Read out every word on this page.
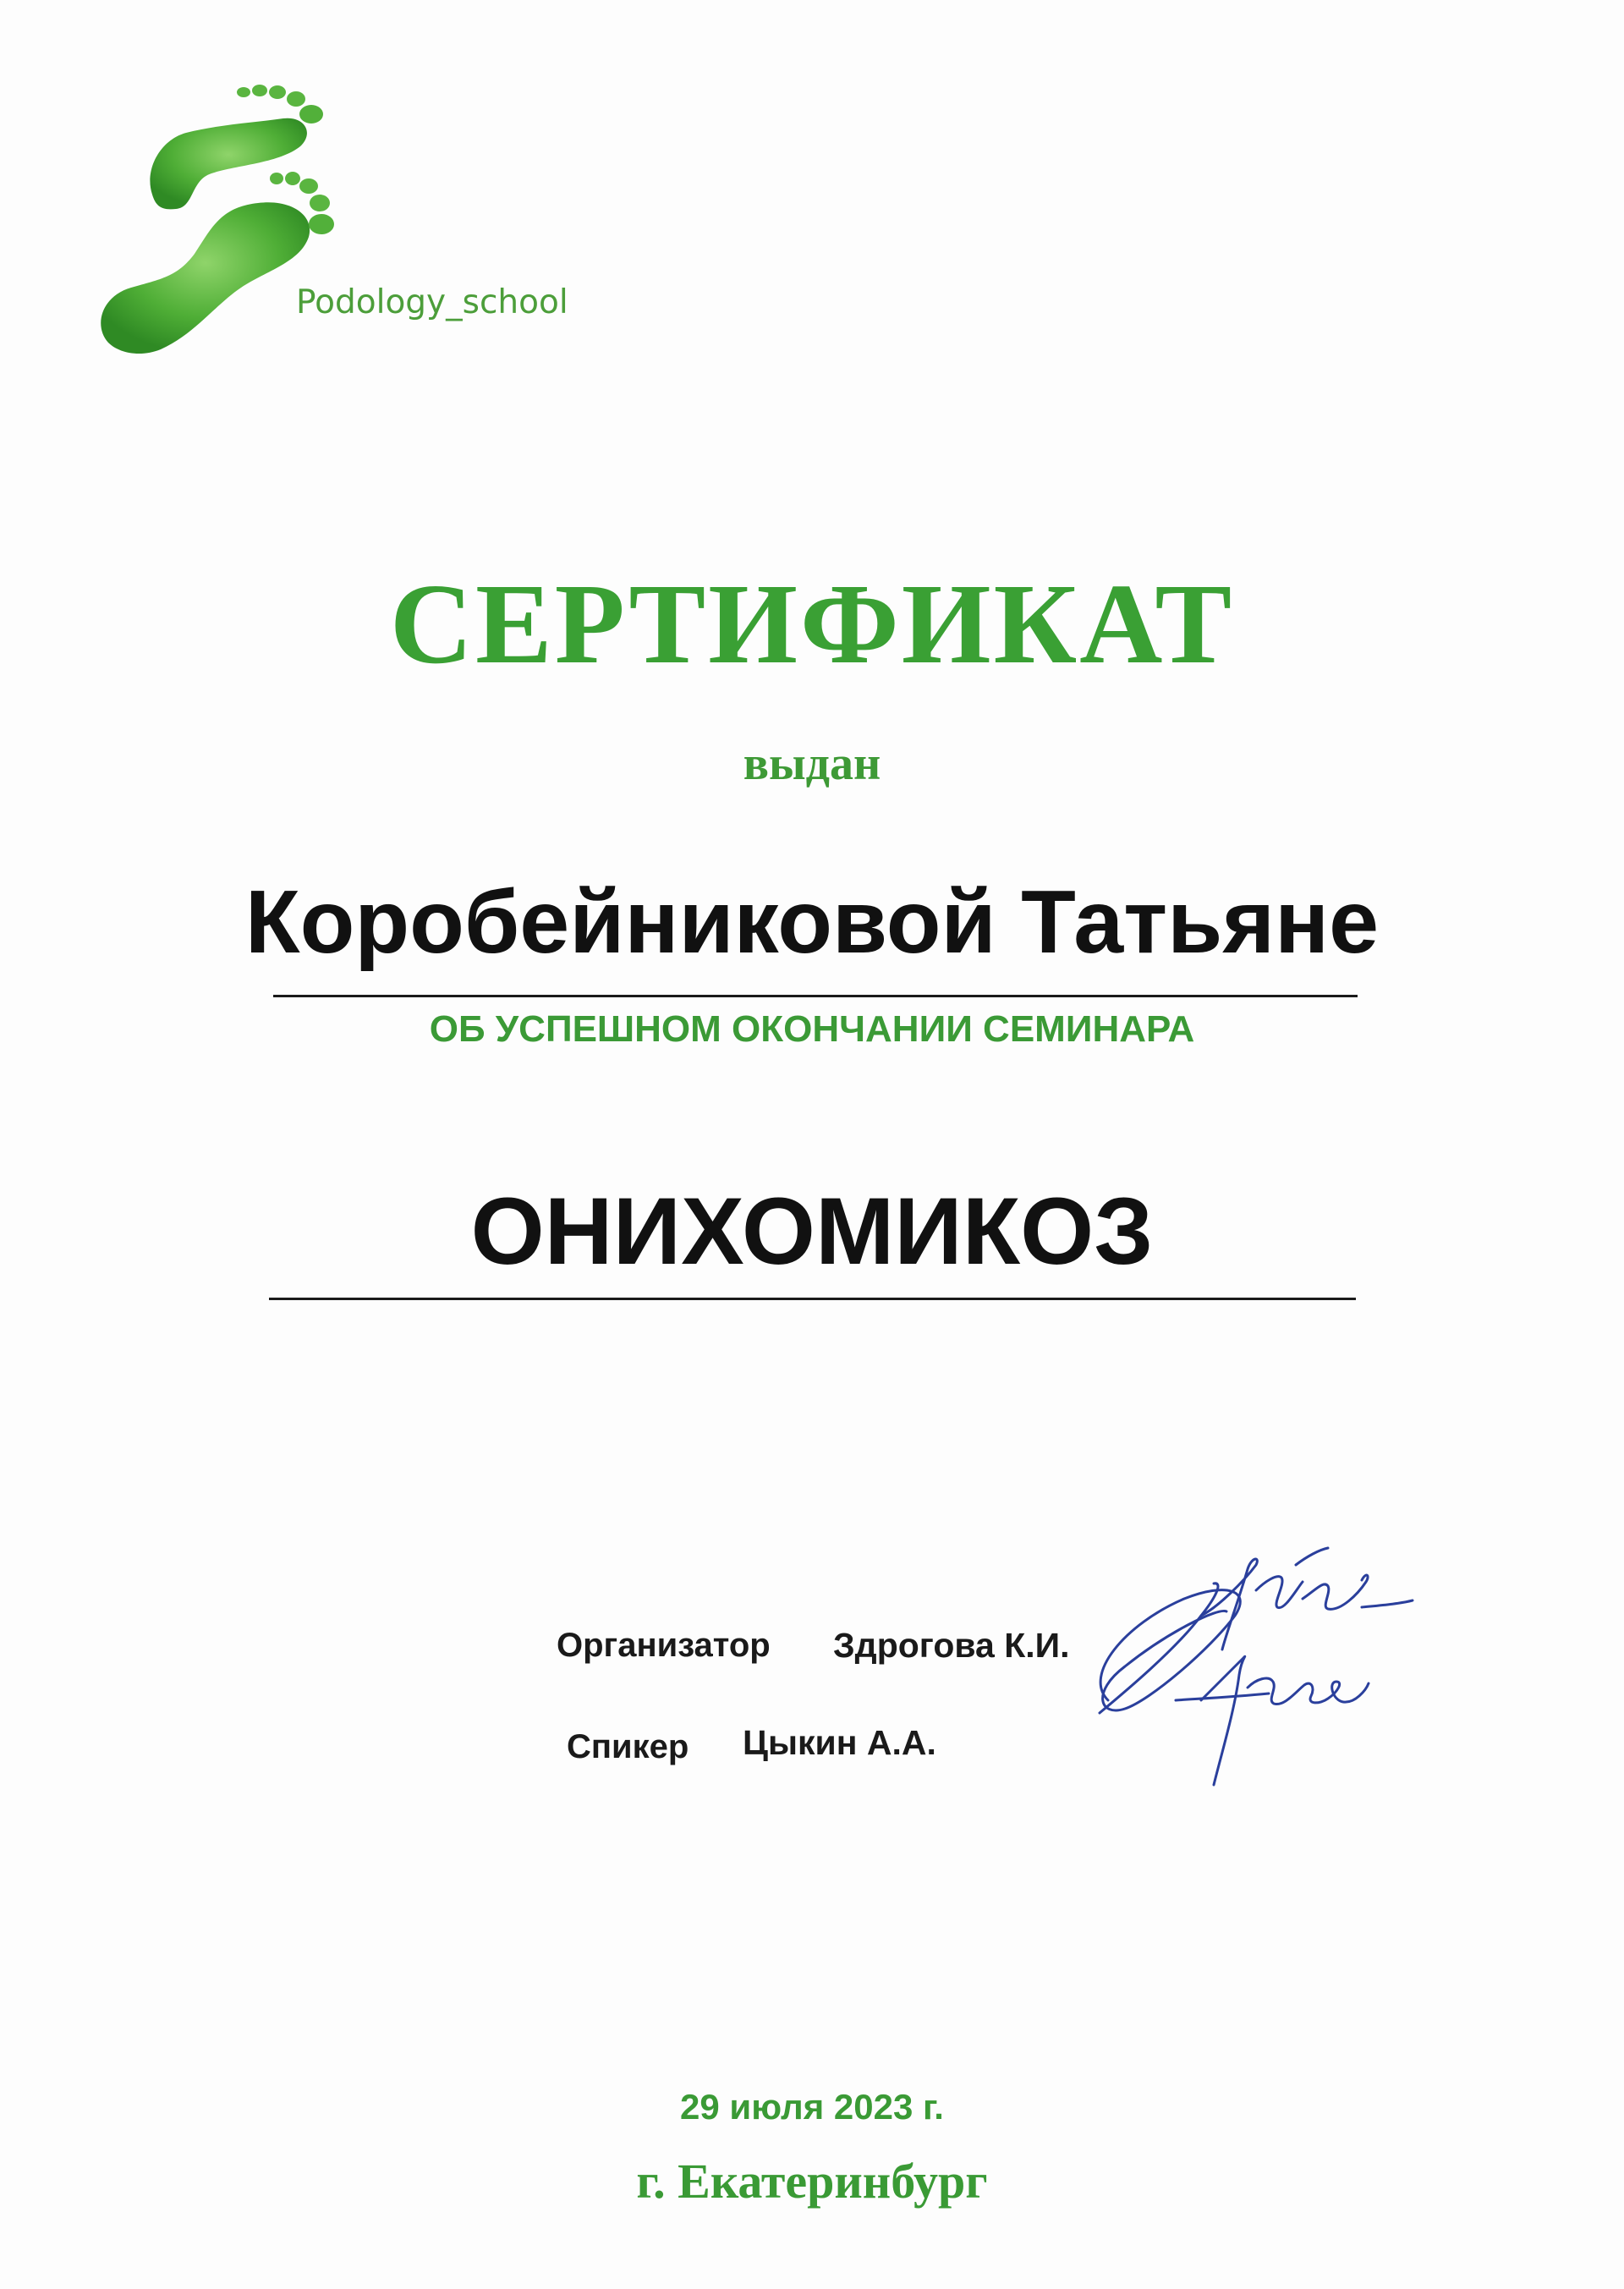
Podology_school
СЕРТИФИКАТ
выдан
Коробейниковой Татьяне
ОБ УСПЕШНОМ ОКОНЧАНИИ СЕМИНАРА
ОНИХОМИКОЗ
Организатор Здрогова К.И.
Спикер Цыкин А.А.
29 июля 2023 г.
г. Екатеринбург
